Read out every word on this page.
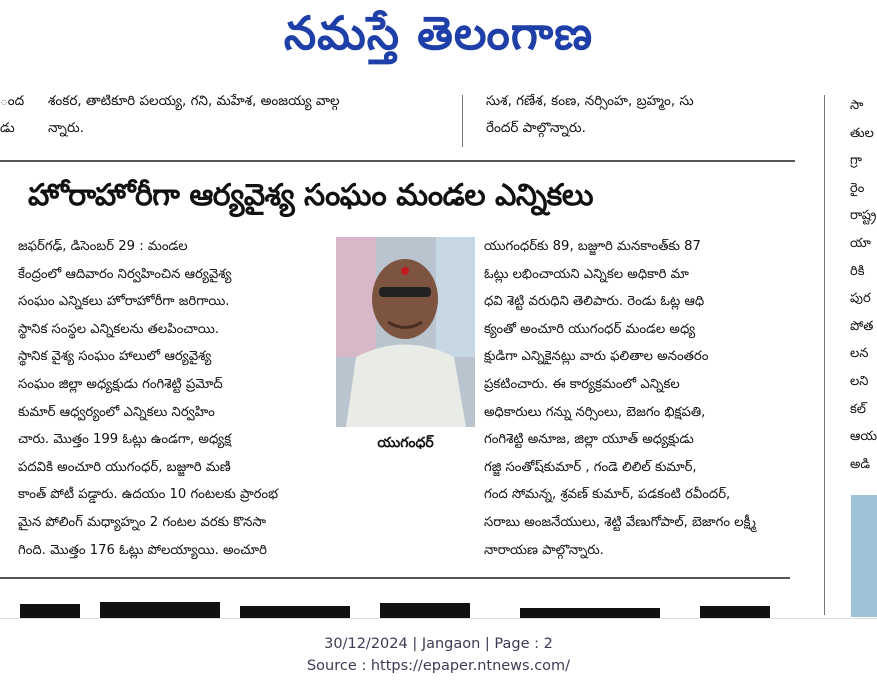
నమస్తే తెలంగాణ
ంద
డు
శంకర, తాటికూరి పలయ్య, గని, మహేశ, అంజయ్య వాల్గ
న్నారు.
సుశ, గణేశ, కంణ, నర్సింహ, బ్రహ్మం, సు
రేందర్ పాల్గొన్నారు.
సా
తుల
గ్రా
రైం
రాష్ట్ర
యా
రికి
పుర
పోత
లన
లని
కల్
ఆయ
అడి
హోరాహోరీగా ఆర్యవైశ్య సంఘం మండల ఎన్నికలు

జఫర్‌గఢ్, డిసెంబర్ 29 : మండల

కేంద్రంలో ఆదివారం నిర్వహించిన ఆర్యవైశ్య

సంఘం ఎన్నికలు హోరాహోరీగా జరిగాయి.

స్థానిక సంస్థల ఎన్నికలను తలపించాయి.

స్థానిక వైశ్య సంఘం హాలులో ఆర్యవైశ్య

సంఘం జిల్లా అధ్యక్షుడు గంగిశెట్టి ప్రమోద్

కుమార్ ఆధ్వర్యంలో ఎన్నికలు నిర్వహిం

చారు. మొత్తం 199 ఓట్లు ఉండగా, అధ్యక్ష

పదవికి అంచూరి యుగంధర్, బజ్జూరి మణి

కాంత్ పోటీ పడ్డారు. ఉదయం 10 గంటలకు ప్రారంభ

మైన పోలింగ్ మధ్యాహ్నం 2 గంటల వరకు కొనసా

గింది. మొత్తం 176 ఓట్లు పోలయ్యాయి. అంచూరి

యుగంధర్

యుగంధర్‌కు 89, బజ్జూరి మనకాంత్‌కు 87

ఓట్లు లభించాయని ఎన్నికల అధికారి మా

ధవి శెట్టి వరుధిని తెలిపారు. రెండు ఓట్ల ఆధి

క్యంతో అంచూరి యుగంధర్ మండల అధ్య

క్షుడిగా ఎన్నికైనట్లు వారు ఫలితాల అనంతరం

ప్రకటించారు. ఈ కార్యక్రమంలో ఎన్నికల

అధికారులు గన్ను నర్సింలు, బెజగం భిక్షపతి,

గంగిశెట్టి అనూజ, జిల్లా యూత్ అధ్యక్షుడు

గజ్జి సంతోష్‌కుమార్ , గండె లిలిల్ కుమార్,

గంద సోమన్న, శ్రవణ్ కుమార్, పడకంటి రవీందర్,

సరాబు అంజనేయులు, శెట్టి వేణుగోపాల్, బెజాగం లక్ష్మీ

నారాయణ పాల్గొన్నారు.

30/12/2024 | Jangaon | Page : 2
Source : https://epaper.ntnews.com/
